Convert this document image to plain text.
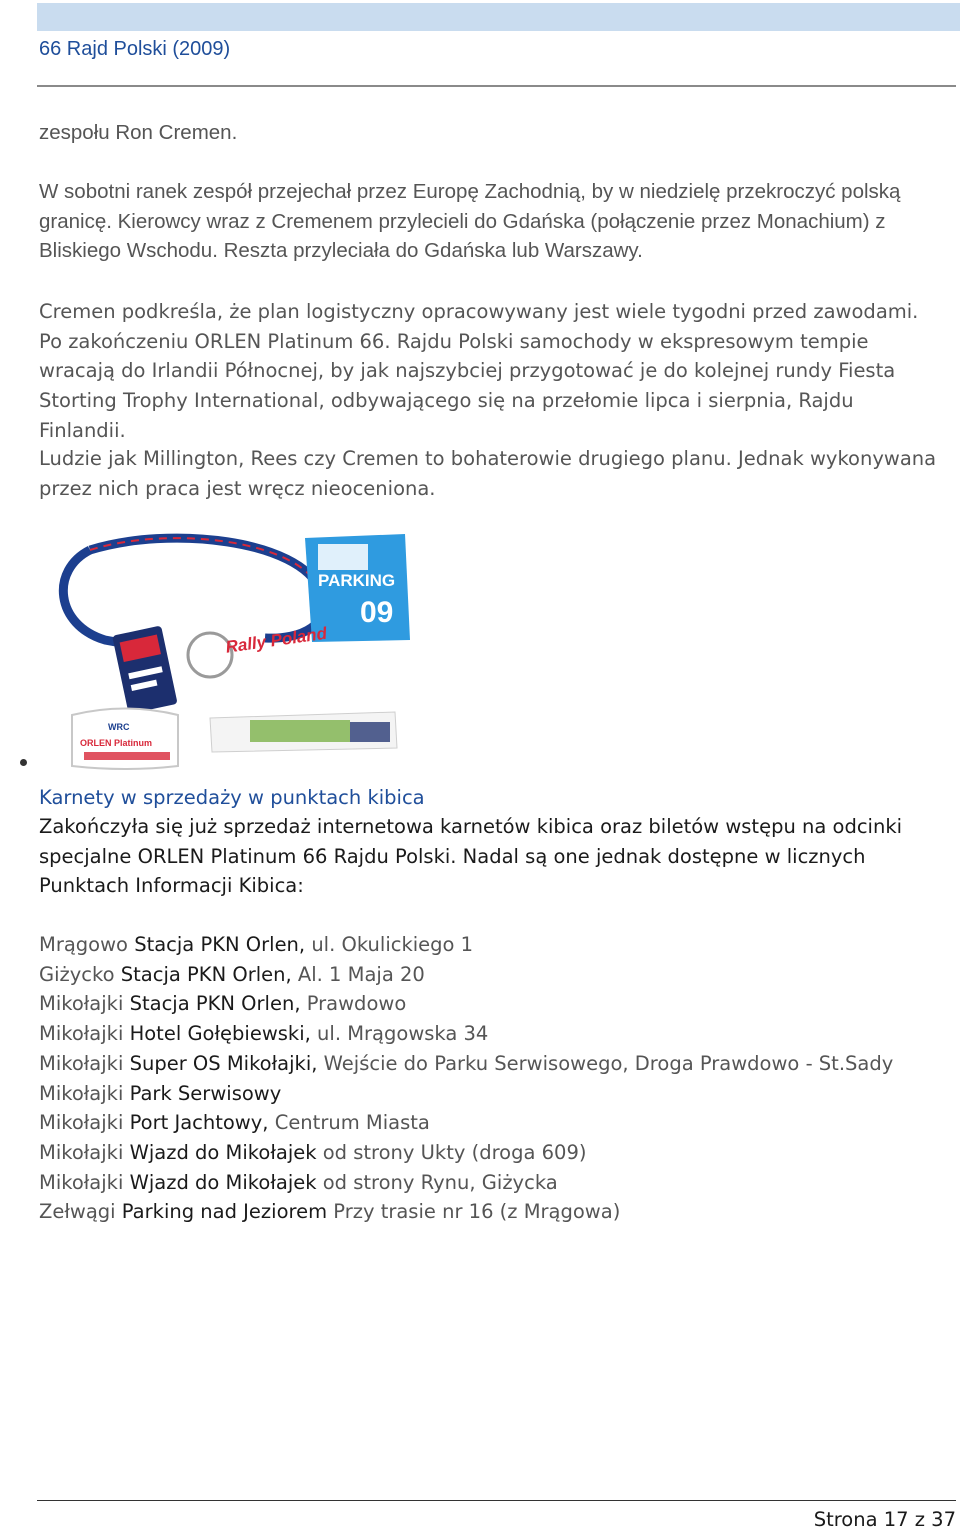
66 Rajd Polski (2009)

zespołu Ron Cremen.

W sobotni ranek zespół przejechał przez Europę Zachodnią, by w niedzielę przekroczyć polską granicę. Kierowcy wraz z Cremenem przylecieli do Gdańska (połączenie przez Monachium) z Bliskiego Wschodu. Reszta przyleciała do Gdańska lub Warszawy.

Cremen podkreśla, że plan logistyczny opracowywany jest wiele tygodni przed zawodami. Po zakończeniu ORLEN Platinum 66. Rajdu Polski samochody w ekspresowym tempie wracają do Irlandii Północnej, by jak najszybciej przygotować je do kolejnej rundy Fiesta Storting Trophy International, odbywającego się na przełomie lipca i sierpnia, Rajdu Finlandii.

Ludzie jak Millington, Rees czy Cremen to bohaterowie drugiego planu. Jednak wykonywana przez nich praca jest wręcz nieoceniona.

PARKING
09
Rally Poland
WRC
ORLEN Platinum
Karnety w sprzedaży w punktach kibica

Zakończyła się już sprzedaż internetowa karnetów kibica oraz biletów wstępu na odcinki specjalne ORLEN Platinum 66 Rajdu Polski. Nadal są one jednak dostępne w licznych Punktach Informacji Kibica:

Mrągowo Stacja PKN Orlen, ul. Okulickiego 1
Giżycko Stacja PKN Orlen, Al. 1 Maja 20
Mikołajki Stacja PKN Orlen, Prawdowo
Mikołajki Hotel Gołębiewski, ul. Mrągowska 34
Mikołajki Super OS Mikołajki, Wejście do Parku Serwisowego, Droga Prawdowo - St.Sady
Mikołajki Park Serwisowy
Mikołajki Port Jachtowy, Centrum Miasta
Mikołajki Wjazd do Mikołajek od strony Ukty (droga 609)
Mikołajki Wjazd do Mikołajek od strony Rynu, Giżycka
Zełwągi Parking nad Jeziorem Przy trasie nr 16 (z Mrągowa)

Strona 17 z 37
